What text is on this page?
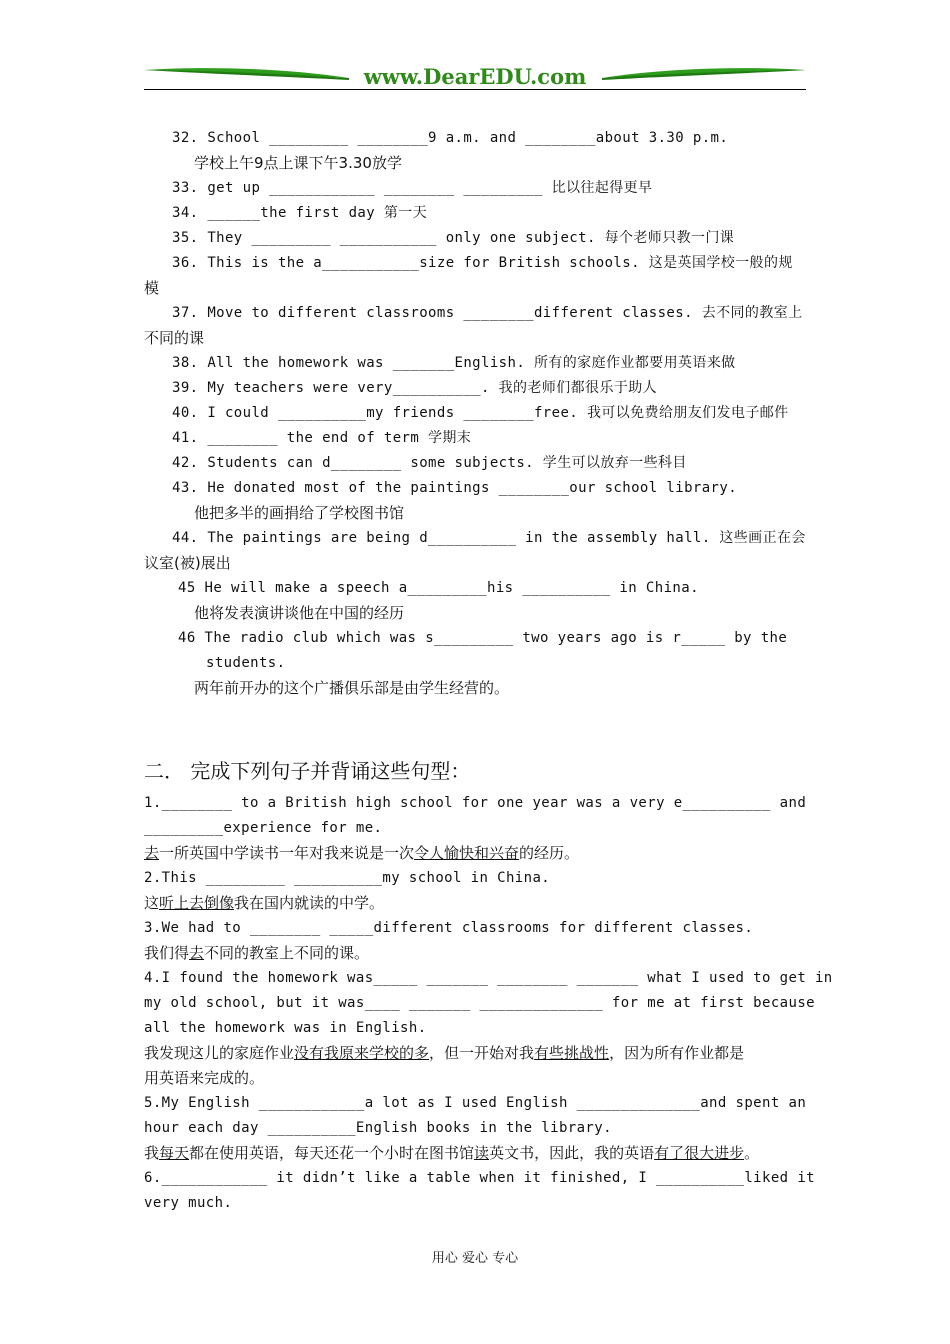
www.DearEDU.com
32. School _________ ________9 a.m. and ________about 3.30 p.m.
学校上午9点上课下午3.30放学
33. get up ____________ ________ _________ 比以往起得更早
34. ______the first day 第一天
35. They _________ ___________ only one subject. 每个老师只教一门课
36. This is the a___________size for British schools. 这是英国学校一般的规
模
37. Move to different classrooms ________different classes. 去不同的教室上
不同的课
38. All the homework was _______English. 所有的家庭作业都要用英语来做
39. My teachers were very__________. 我的老师们都很乐于助人
40. I could __________my friends ________free. 我可以免费给朋友们发电子邮件
41. ________ the end of term 学期末
42. Students can d________ some subjects. 学生可以放弃一些科目
43. He donated most of the paintings ________our school library.
他把多半的画捐给了学校图书馆
44. The paintings are being d__________ in the assembly hall. 这些画正在会
议室(被)展出
45 He will make a speech a_________his __________ in China.
他将发表演讲谈他在中国的经历
46 The radio club which was s_________ two years ago is r_____ by the
students.
两年前开办的这个广播俱乐部是由学生经营的。
二． 完成下列句子并背诵这些句型：
1.________ to a British high school for one year was a very e__________ and
_________experience for me.
去一所英国中学读书一年对我来说是一次令人愉快和兴奋的经历。
2.This _________ __________my school in China.
这听上去倒像我在国内就读的中学。
3.We had to ________ _____different classrooms for different classes.
我们得去不同的教室上不同的课。
4.I found the homework was_____ _______ ________ _______ what I used to get in
my old school, but it was____ _______ ______________ for me at first because
all the homework was in English.
我发现这儿的家庭作业没有我原来学校的多，但一开始对我有些挑战性，因为所有作业都是
用英语来完成的。
5.My English ____________a lot as I used English ______________and spent an
hour each day __________English books in the library.
我每天都在使用英语，每天还花一个小时在图书馆读英文书，因此，我的英语有了很大进步。
6.____________ it didn’t like a table when it finished, I __________liked it
very much.
用心 爱心 专心
